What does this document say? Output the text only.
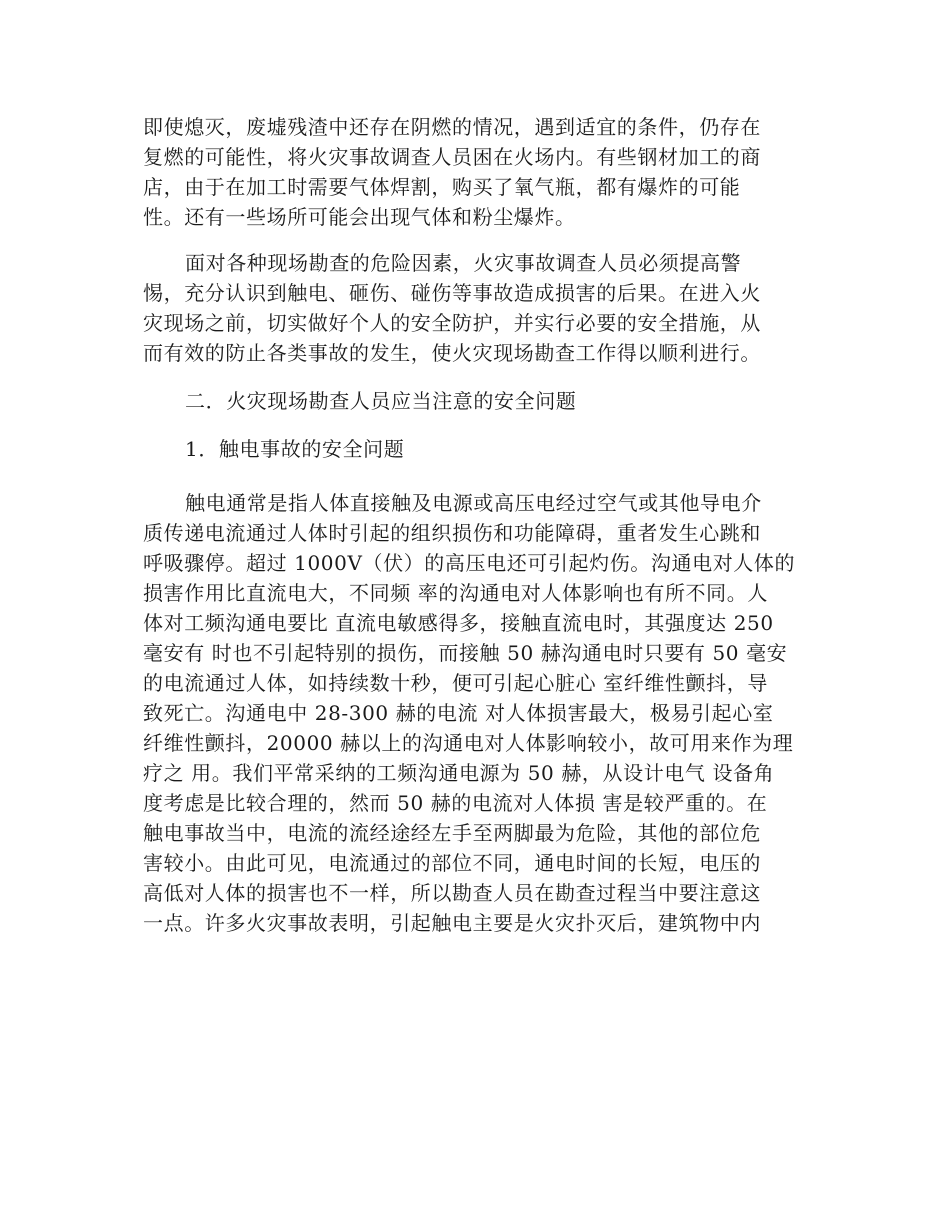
即使熄灭，废墟残渣中还存在阴燃的情况，遇到适宜的条件，仍存在
复燃的可能性，将火灾事故调查人员困在火场内。有些钢材加工的商
店，由于在加工时需要气体焊割，购买了氧气瓶，都有爆炸的可能
性。还有一些场所可能会出现气体和粉尘爆炸。
面对各种现场勘查的危险因素，火灾事故调查人员必须提高警
惕，充分认识到触电、砸伤、碰伤等事故造成损害的后果。在进入火
灾现场之前，切实做好个人的安全防护，并实行必要的安全措施，从
而有效的防止各类事故的发生，使火灾现场勘查工作得以顺利进行。
二．火灾现场勘查人员应当注意的安全问题
1．触电事故的安全问题
触电通常是指人体直接触及电源或高压电经过空气或其他导电介
质传递电流通过人体时引起的组织损伤和功能障碍，重者发生心跳和
呼吸骤停。超过 1000V（伏）的高压电还可引起灼伤。沟通电对人体的
损害作用比直流电大，不同频 率的沟通电对人体影响也有所不同。人
体对工频沟通电要比 直流电敏感得多，接触直流电时，其强度达 250
毫安有 时也不引起特别的损伤，而接触 50 赫沟通电时只要有 50 毫安
的电流通过人体，如持续数十秒，便可引起心脏心 室纤维性颤抖，导
致死亡。沟通电中 28-300 赫的电流 对人体损害最大，极易引起心室
纤维性颤抖，20000 赫以上的沟通电对人体影响较小，故可用来作为理
疗之 用。我们平常采纳的工频沟通电源为 50 赫，从设计电气 设备角
度考虑是比较合理的，然而 50 赫的电流对人体损 害是较严重的。在
触电事故当中，电流的流经途经左手至两脚最为危险，其他的部位危
害较小。由此可见，电流通过的部位不同，通电时间的长短，电压的
高低对人体的损害也不一样，所以勘查人员在勘查过程当中要注意这
一点。许多火灾事故表明，引起触电主要是火灾扑灭后，建筑物中内
